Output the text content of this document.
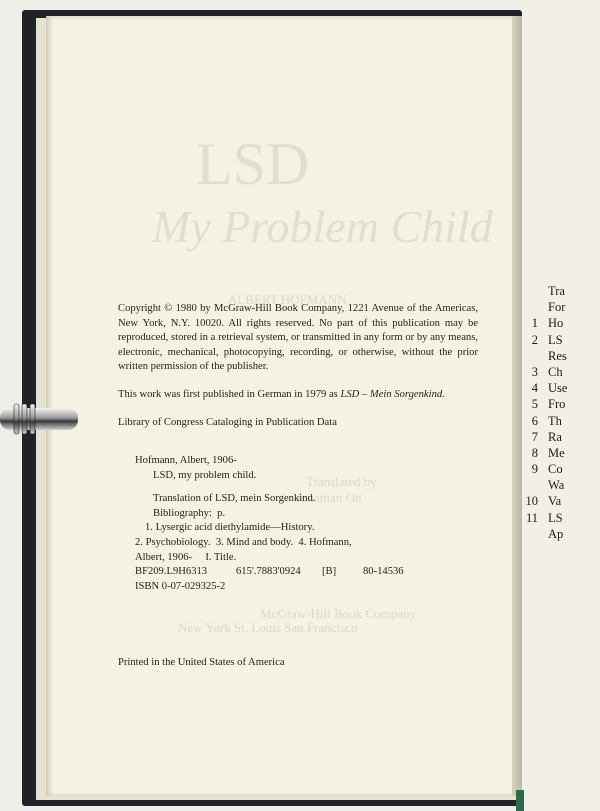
LSD
My Problem Child
ALBERT HOFMANN
Translated by
Jonathan Ott
McGraw-Hill Book Company
New York St. Louis San Francisco
Copyright © 1980 by McGraw-Hill Book Company, 1221 Avenue of the Americas, New York, N.Y. 10020. All rights reserved. No part of this publication may be reproduced, stored in a retrieval system, or transmitted in any form or by any means, electronic, mechanical, photocopying, recording, or otherwise, without the prior written permission of the publisher.
This work was first published in German in 1979 as LSD – Mein Sorgenkind.
Library of Congress Cataloging in Publication Data
Hofmann, Albert, 1906-
LSD, my problem child.
Translation of LSD, mein Sorgenkind.
Bibliography:  p.
1. Lysergic acid diethylamide—History.
2. Psychobiology.  3. Mind and body.  4. Hofmann,
Albert, 1906-     I. Title.
BF209.L9H6313	615'.7883'0924	[B]	80-14536
ISBN 0-07-029325-2
Printed in the United States of America
Tra
For
1 Ho
2 LS
Res
3 Ch
4 Use
5 Fro
6 Th
7 Ra
8 Me
9 Co
Wa
10 Va
11 LS
Ap
